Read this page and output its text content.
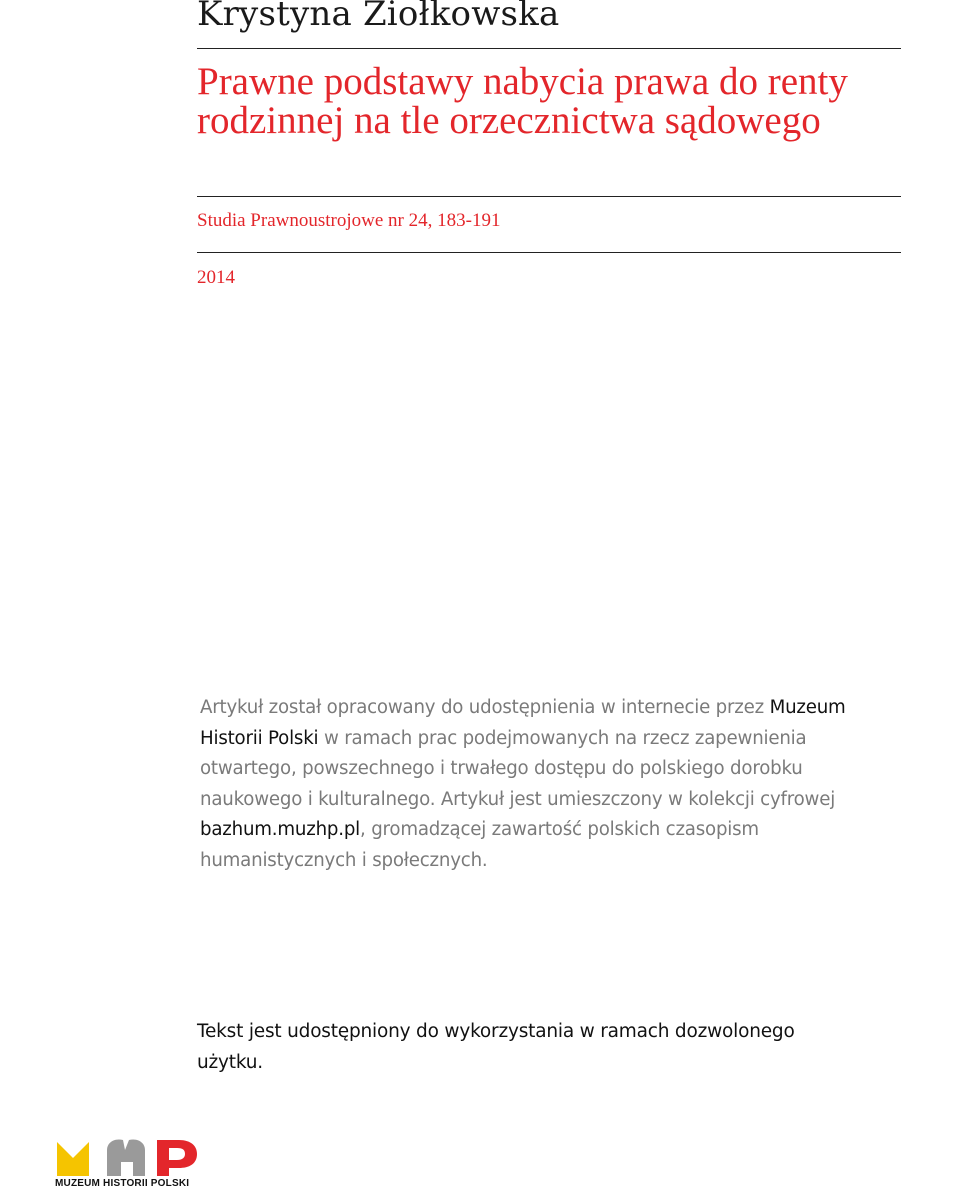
Krystyna Ziołkowska
Prawne podstawy nabycia prawa do renty rodzinnej na tle orzecznictwa sądowego
Studia Prawnoustrojowe nr 24, 183-191
2014
Artykuł został opracowany do udostępnienia w internecie przez Muzeum Historii Polski w ramach prac podejmowanych na rzecz zapewnienia otwartego, powszechnego i trwałego dostępu do polskiego dorobku naukowego i kulturalnego. Artykuł jest umieszczony w kolekcji cyfrowej bazhum.muzhp.pl, gromadzącej zawartość polskich czasopism humanistycznych i społecznych.
Tekst jest udostępniony do wykorzystania w ramach dozwolonego użytku.
MUZEUM HISTORII POLSKI
